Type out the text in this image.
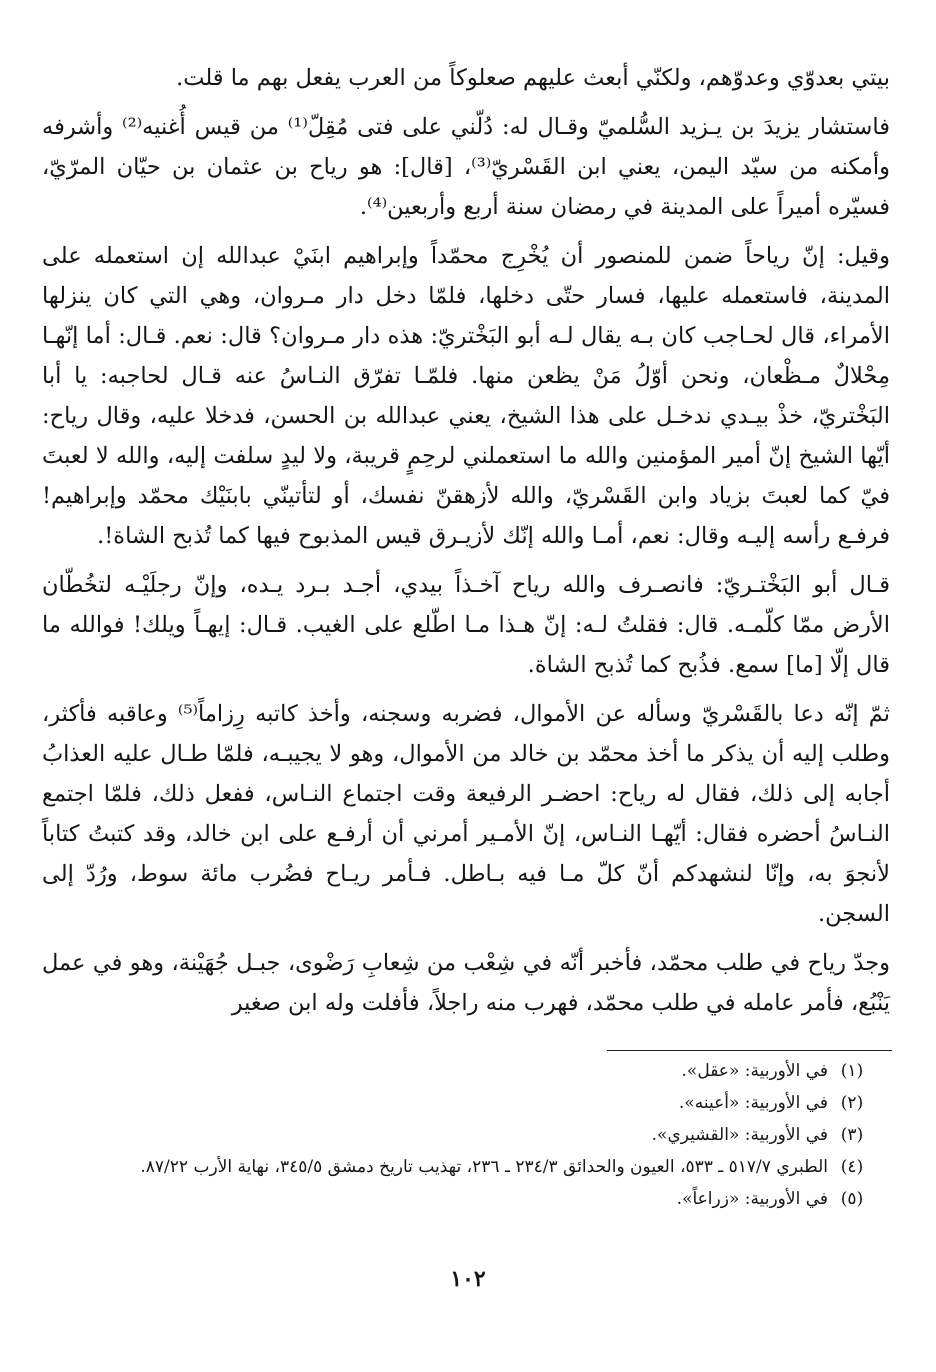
بيتي بعدوّي وعدوّهم، ولكنّي أبعث عليهم صعلوكاً من العرب يفعل بهم ما قلت.

فاستشار يزيدَ بن يـزيد السُّلميّ وقـال له: دُلّني على فتى مُقِلّ⁽¹⁾ من قيس أُغنيه⁽²⁾ وأشرفه وأمكنه من سيّد اليمن، يعني ابن القَسْريّ⁽³⁾، [قال]: هو رياح بن عثمان بن حيّان المرّيّ، فسيّره أميراً على المدينة في رمضان سنة أربع وأربعين⁽⁴⁾.

وقيل: إنّ رياحاً ضمن للمنصور أن يُخْرِج محمّداً وإبراهيم ابنَيْ عبدالله إن استعمله على المدينة، فاستعمله عليها، فسار حتّى دخلها، فلمّا دخل دار مـروان، وهي التي كان ينزلها الأمراء، قال لحـاجب كان بـه يقال لـه أبو البَخْتريّ: هذه دار مـروان؟ قال: نعم. قـال: أما إنّهـا مِحْلالٌ مـظْعان، ونحن أوّلُ مَنْ يظعن منها. فلمّـا تفرّق النـاسُ عنه قـال لحاجبه: يا أبا البَخْتريّ، خذْ بيـدي ندخـل على هذا الشيخ، يعني عبدالله بن الحسن، فدخلا عليه، وقال رياح: أيّها الشيخ إنّ أمير المؤمنين والله ما استعملني لرحِمٍ قريبة، ولا ليدٍ سلفت إليه، والله لا لعبتَ فيّ كما لعبتَ بزياد وابن القَسْريّ، والله لأزهقنّ نفسك، أو لتأتينّي بابنَيْك محمّد وإبراهيم! فرفـع رأسه إليـه وقال: نعم، أمـا والله إنّك لأزيـرق قيس المذبوح فيها كما تُذبح الشاة!.

قـال أبو البَخْتـريّ: فانصـرف والله رياح آخـذاً بيدي، أجـد بـرد يـده، وإنّ رجلَيْـه لتخُطّان الأرض ممّا كلّمـه. قال: فقلتُ لـه: إنّ هـذا مـا اطّلع على الغيب. قـال: إيهـاً ويلك! فوالله ما قال إلّا [ما] سمع. فذُبح كما تُذبح الشاة.

ثمّ إنّه دعا بالقَسْريّ وسأله عن الأموال، فضربه وسجنه، وأخذ كاتبه رِزاماً⁽⁵⁾ وعاقبه فأكثر، وطلب إليه أن يذكر ما أخذ محمّد بن خالد من الأموال، وهو لا يجيبـه، فلمّا طـال عليه العذابُ أجابه إلى ذلك، فقال له رياح: احضـر الرفيعة وقت اجتماع النـاس، ففعل ذلك، فلمّا اجتمع النـاسُ أحضره فقال: أيّهـا النـاس، إنّ الأمـير أمرني أن أرفـع على ابن خالد، وقد كتبتُ كتاباً لأنجوَ به، وإنّا لنشهدكم أنّ كلّ مـا فيه بـاطل. فـأمر ريـاح فضُرب مائة سوط، ورُدّ إلى السجن.

وجدّ رياح في طلب محمّد، فأخبر أنّه في شِعْب من شِعابِ رَضْوى، جبـل جُهَيْنة، وهو في عمل يَنْبُع، فأمر عامله في طلب محمّد، فهرب منه راجلاً، فأفلت وله ابن صغير

(١)
في الأوربية: «عقل».
(٢)
في الأوربية: «أعينه».
(٣)
في الأوربية: «القشيري».
(٤)
الطبري ٥١٧/٧ ـ ٥٣٣، العيون والحدائق ٢٣٤/٣ ـ ٢٣٦، تهذيب تاريخ دمشق ٣٤٥/٥، نهاية الأرب ٨٧/٢٢.
(٥)
في الأوربية: «زراعاً».
١٠٢
